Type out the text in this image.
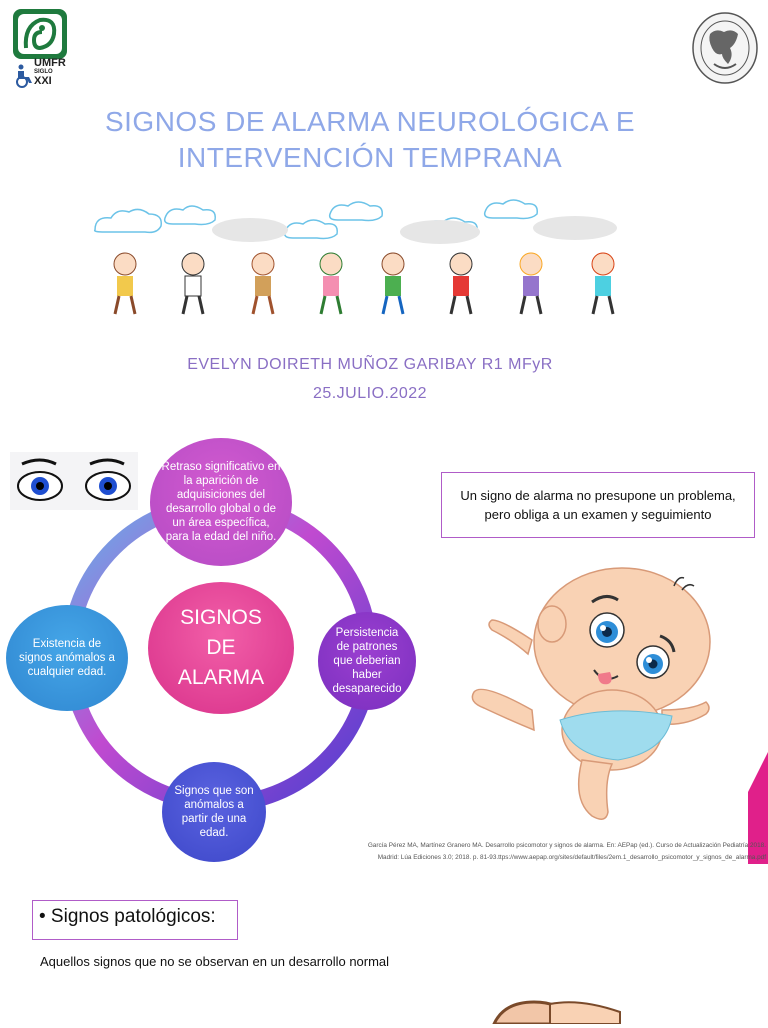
UMFR
SIGLO
XXI
SIGNOS DE ALARMA NEUROLÓGICA E
INTERVENCIÓN TEMPRANA
EVELYN DOIRETH MUÑOZ GARIBAY R1 MFyR
25.JULIO.2022
Retraso significativo en la aparición de adquisiciones del desarrollo global o de un área específica, para la edad del niño.
Persistencia de patrones que deberian haber desaparecido
Signos que son anómalos a partir de una edad.
Existencia de signos anómalos a cualquier edad.
SIGNOS
DE
ALARMA
Un signo de alarma no presupone un problema, pero obliga a un examen y seguimiento
García Pérez MA, Martínez Granero MA. Desarrollo psicomotor y signos de alarma. En: AEPap (ed.). Curso de Actualización Pediatría 2018.
Madrid: Lúa Ediciones 3.0; 2018. p. 81-93.ttps://www.aepap.org/sites/default/files/2em.1_desarrollo_psicomotor_y_signos_de_alarma.pdf
• Signos patológicos:
Aquellos signos que no se observan en un desarrollo normal
